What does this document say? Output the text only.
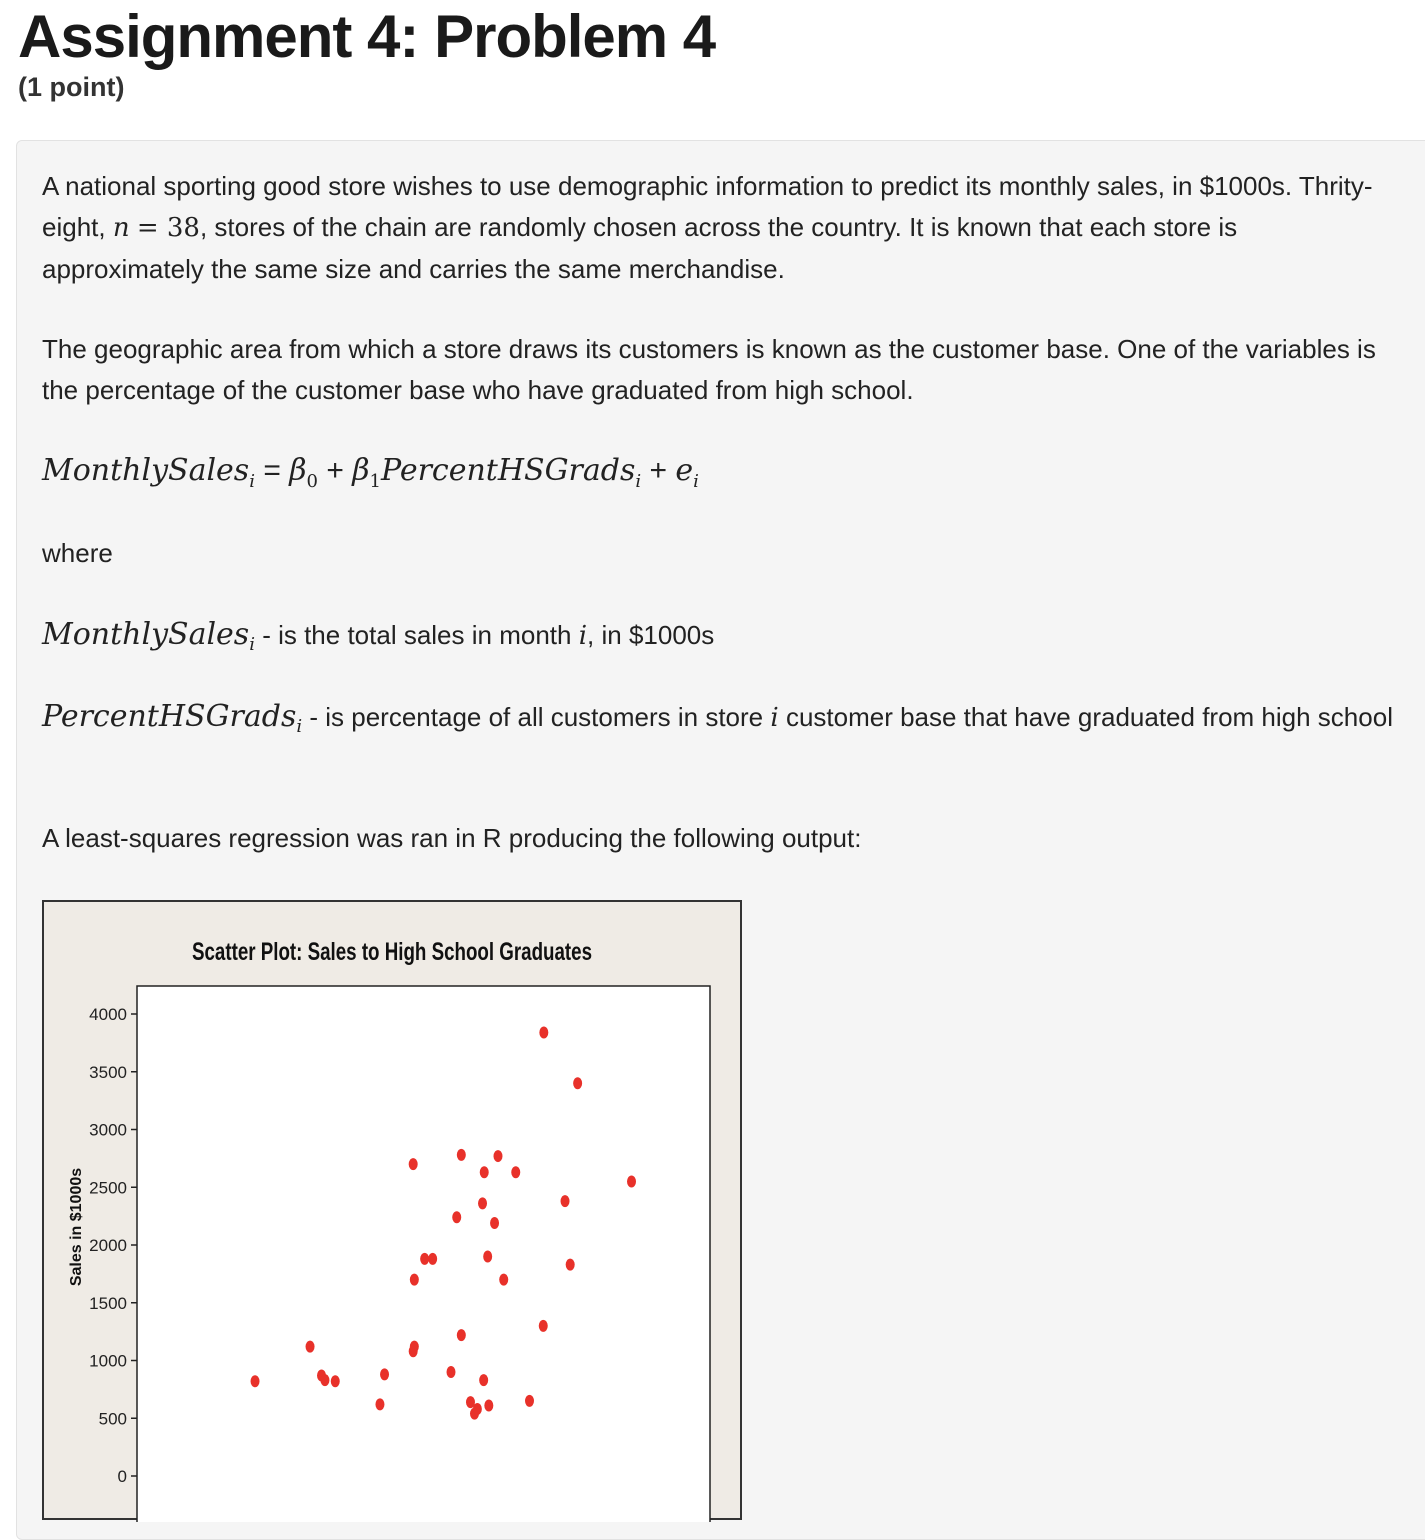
Assignment 4: Problem 4
(1 point)
A national sporting good store wishes to use demographic information to predict its monthly sales, in $1000s. Thrity-eight, n = 38, stores of the chain are randomly chosen across the country. It is known that each store is approximately the same size and carries the same merchandise.
The geographic area from which a store draws its customers is known as the customer base. One of the variables is the percentage of the customer base who have graduated from high school.
MonthlySales$_i$ = $\beta_0$ + $\beta_1PercentHSGrads_i + e_i$
where
MonthlySales$_i$ - is the total sales in month i, in $1000s
PercentHSGrads$_i$ - is percentage of all customers in store i customer base that have graduated from high school
A least-squares regression was ran in R producing the following output:
Scatter Plot: Sales to High School Graduates
Sales in $1000s
0
500
1000
1500
2000
2500
3000
3500
4000
